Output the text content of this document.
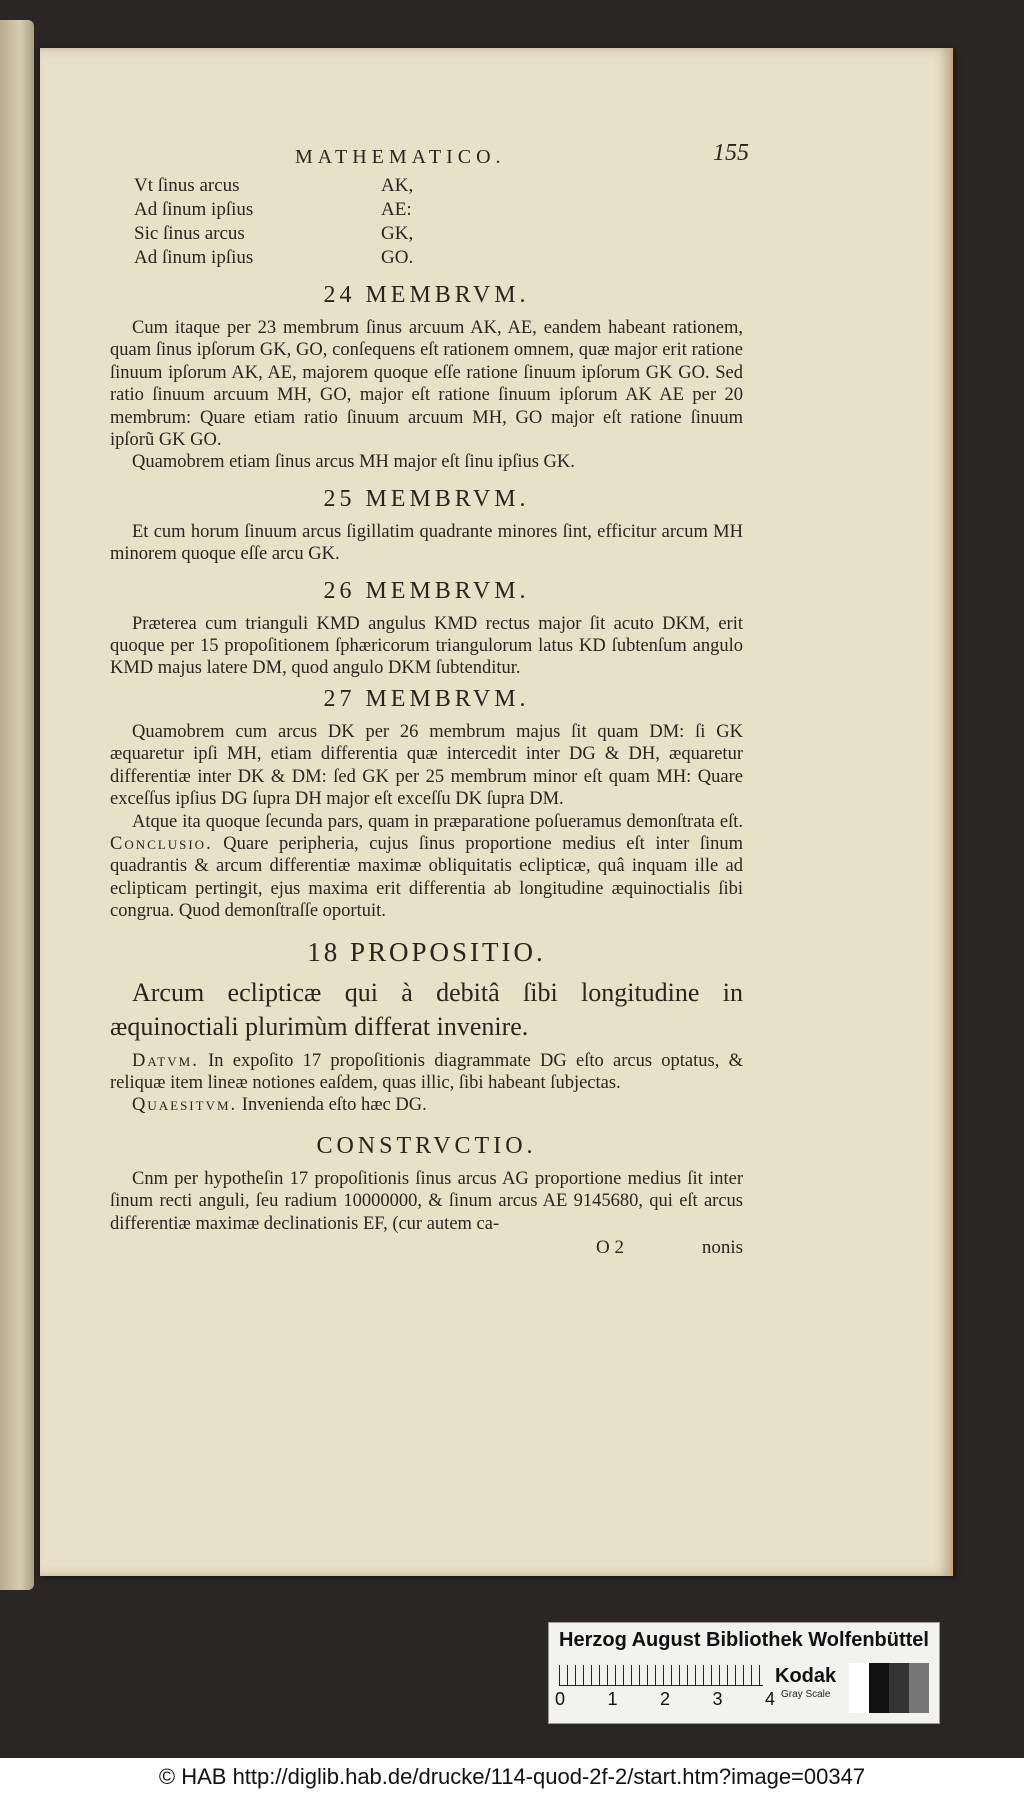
MATHEMATICO.	155
Vt ſinus arcus	AK,
Ad ſinum ipſius	AE:
Sic ſinus arcus	GK,
Ad ſinum ipſius	GO.
24 MEMBRVM.

Cum itaque per 23 membrum ſinus arcuum AK, AE, eandem habeant rationem, quam ſinus ipſorum GK, GO, conſequens eſt rationem omnem, quæ major erit ratione ſinuum ipſorum AK, AE, majorem quoque eſſe ratione ſinuum ipſorum GK GO. Sed ratio ſinuum arcuum MH, GO, major eſt ratione ſinuum ipſorum AK AE per 20 membrum: Quare etiam ratio ſinuum arcuum MH, GO major eſt ratione ſinuum ipſorũ GK GO.

Quamobrem etiam ſinus arcus MH major eſt ſinu ipſius GK.

25 MEMBRVM.

Et cum horum ſinuum arcus ſigillatim quadrante minores ſint, efficitur arcum MH minorem quoque eſſe arcu GK.

26 MEMBRVM.

Præterea cum trianguli KMD angulus KMD rectus major ſit acuto DKM, erit quoque per 15 propoſitionem ſphæricorum triangulorum latus KD ſubtenſum angulo KMD majus latere DM, quod angulo DKM ſubtenditur.

27 MEMBRVM.

Quamobrem cum arcus DK per 26 membrum majus ſit quam DM: ſi GK æquaretur ipſi MH, etiam differentia quæ intercedit inter DG & DH, æquaretur differentiæ inter DK & DM: ſed GK per 25 membrum minor eſt quam MH: Quare exceſſus ipſius DG ſupra DH major eſt exceſſu DK ſupra DM.

Atque ita quoque ſecunda pars, quam in præparatione poſueramus demonſtrata eſt. Conclusio. Quare peripheria, cujus ſinus proportione medius eſt inter ſinum quadrantis & arcum differentiæ maximæ obliquitatis eclipticæ, quâ inquam ille ad eclipticam pertingit, ejus maxima erit differentia ab longitudine æquinoctialis ſibi congrua. Quod demonſtraſſe oportuit.

18 PROPOSITIO.
Arcum eclipticæ qui à debitâ ſibi longitudine in æquinoctiali plurimùm differat invenire.

Datvm. In expoſito 17 propoſitionis diagrammate DG eſto arcus optatus, & reliquæ item lineæ notiones eaſdem, quas illic, ſibi habeant ſubjectas.

Quaesitvm. Invenienda eſto hæc DG.

CONSTRVCTIO.

Cnm per hypotheſin 17 propoſitionis ſinus arcus AG proportione medius ſit inter ſinum recti anguli, ſeu radium 10000000, & ſinum arcus AE 9145680, qui eſt arcus differentiæ maximæ declinationis EF, (cur autem ca-

O 2	nonis
Herzog August Bibliothek Wolfenbüttel
0 1 2 3 4
Kodak
Gray Scale
© HAB http://diglib.hab.de/drucke/114-quod-2f-2/start.htm?image=00347
